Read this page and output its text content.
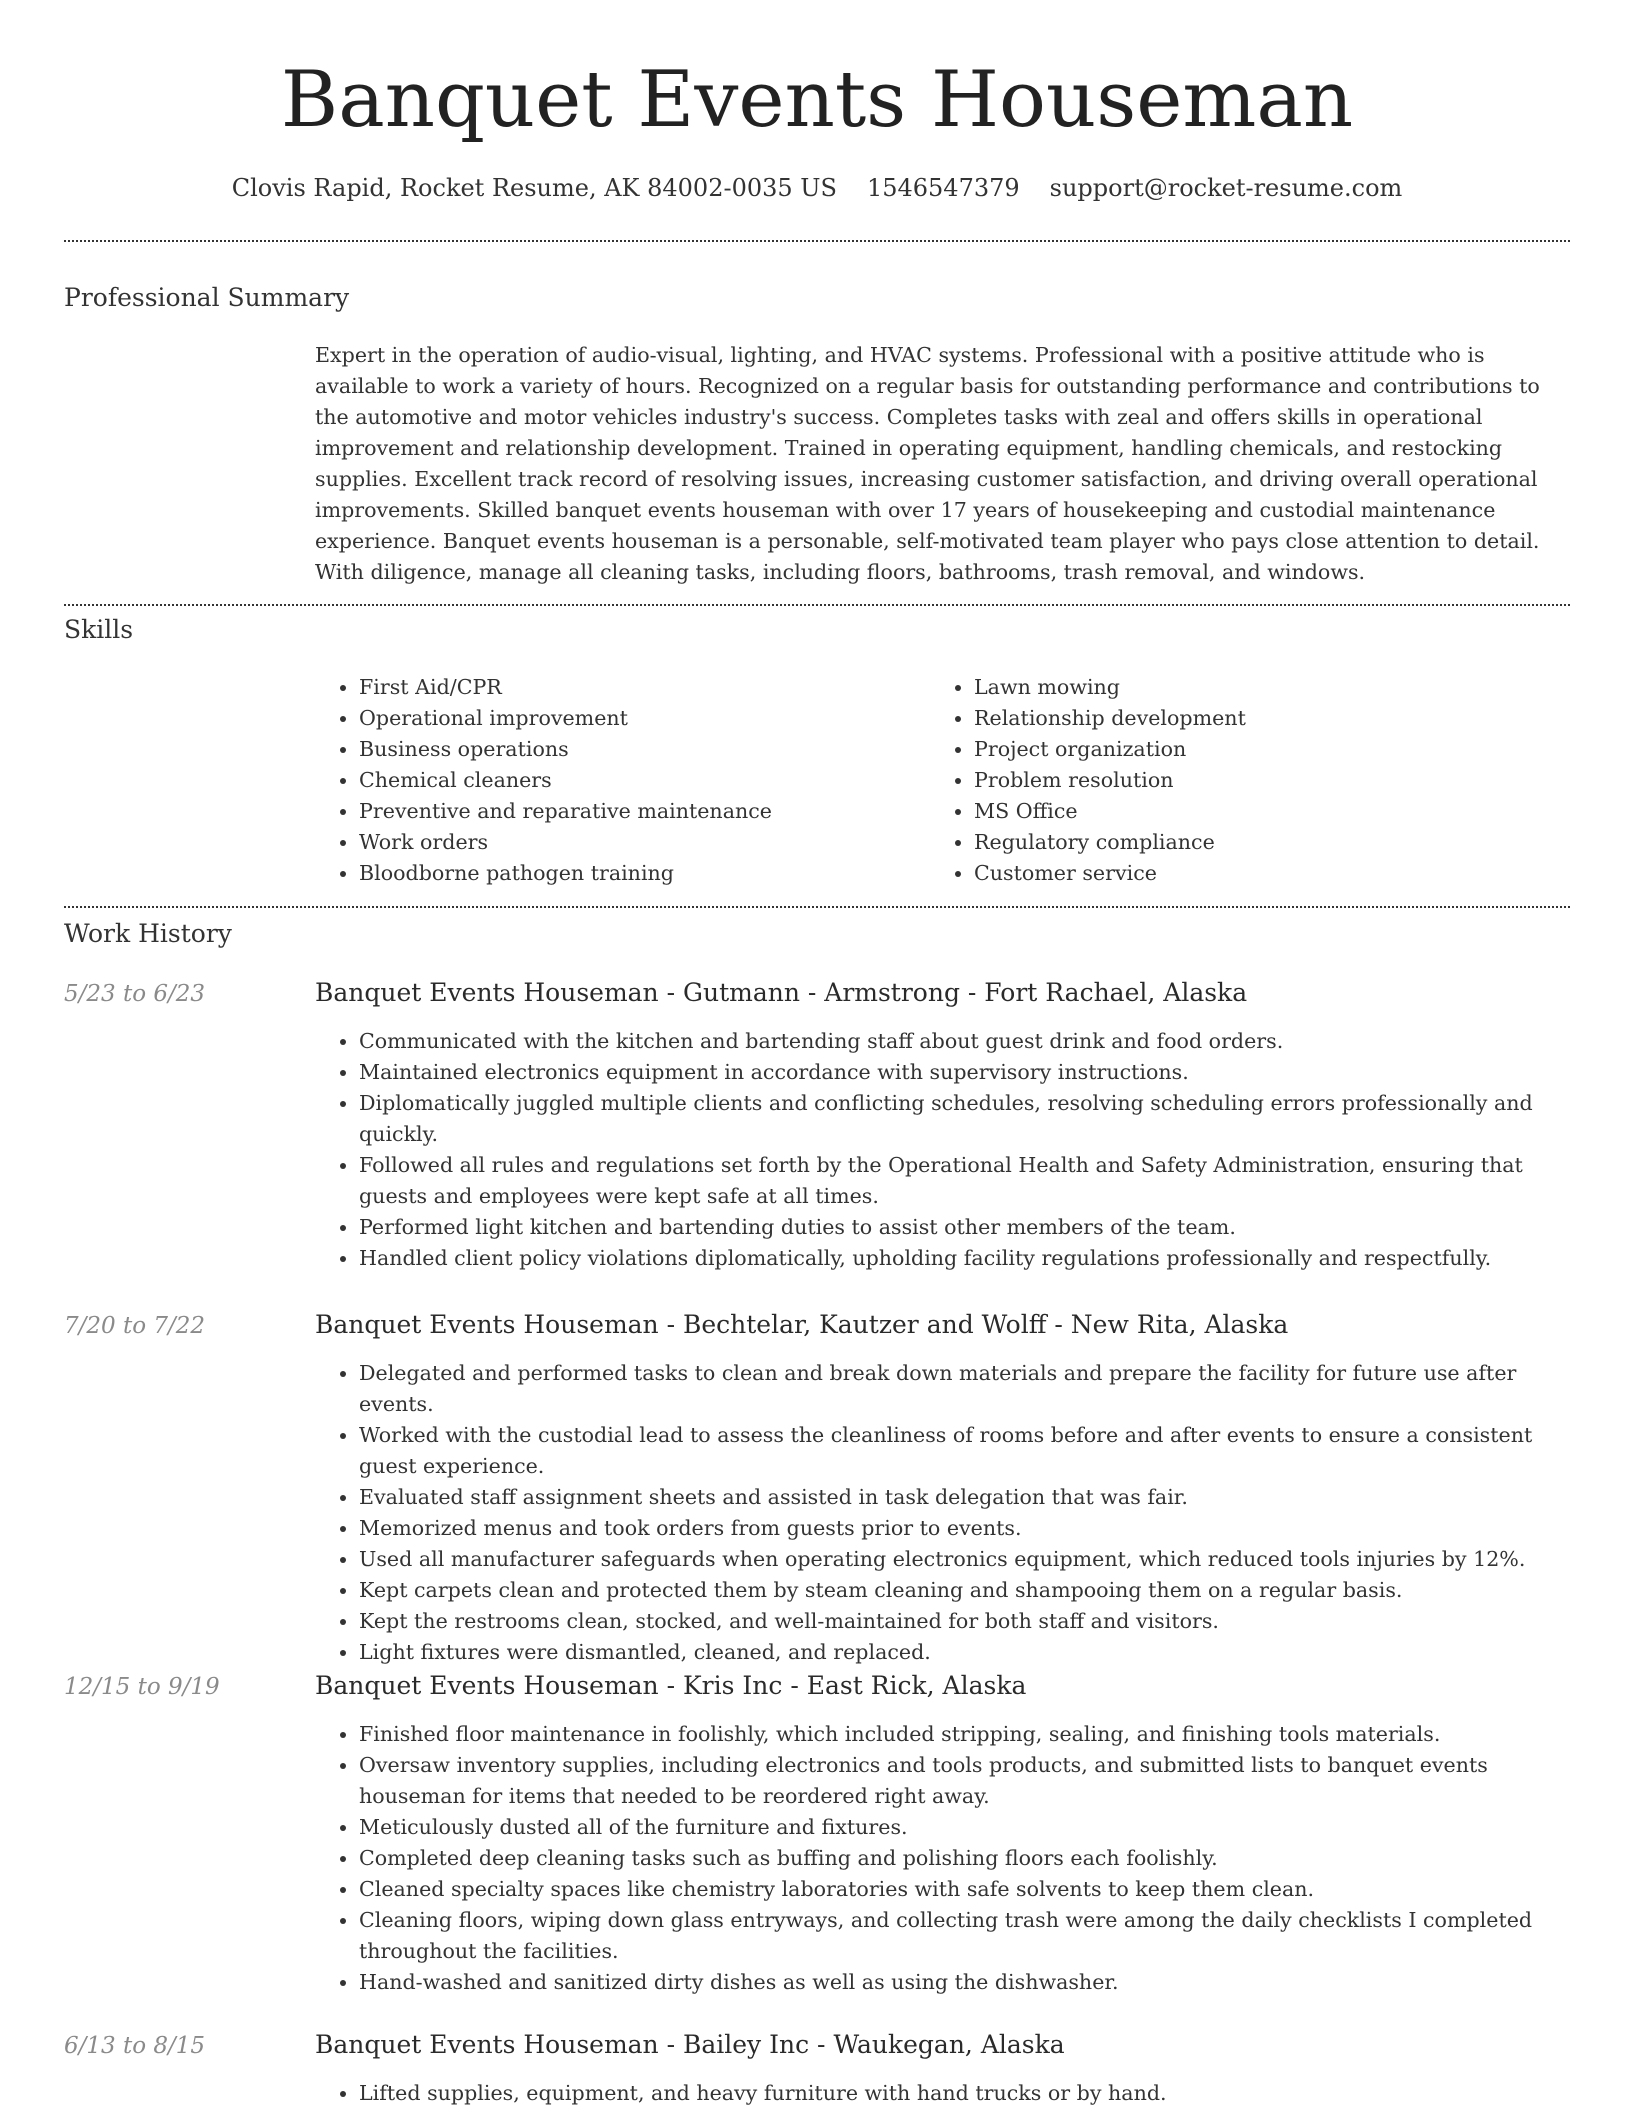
Banquet Events Houseman
Clovis Rapid, Rocket Resume, AK 84002-0035 US 1546547379 support@rocket-resume.com
Professional Summary
Expert in the operation of audio-visual, lighting, and HVAC systems. Professional with a positive attitude who is available to work a variety of hours. Recognized on a regular basis for outstanding performance and contributions to the automotive and motor vehicles industry's success. Completes tasks with zeal and offers skills in operational improvement and relationship development. Trained in operating equipment, handling chemicals, and restocking supplies. Excellent track record of resolving issues, increasing customer satisfaction, and driving overall operational improvements. Skilled banquet events houseman with over 17 years of housekeeping and custodial maintenance experience. Banquet events houseman is a personable, self-motivated team player who pays close attention to detail. With diligence, manage all cleaning tasks, including floors, bathrooms, trash removal, and windows.
Skills
• First Aid/CPR
• Operational improvement
• Business operations
• Chemical cleaners
• Preventive and reparative maintenance
• Work orders
• Bloodborne pathogen training
• Lawn mowing
• Relationship development
• Project organization
• Problem resolution
• MS Office
• Regulatory compliance
• Customer service
Work History
5/23 to 6/23	Banquet Events Houseman - Gutmann - Armstrong - Fort Rachael, Alaska
• Communicated with the kitchen and bartending staff about guest drink and food orders.
• Maintained electronics equipment in accordance with supervisory instructions.
• Diplomatically juggled multiple clients and conflicting schedules, resolving scheduling errors professionally and quickly.
• Followed all rules and regulations set forth by the Operational Health and Safety Administration, ensuring that guests and employees were kept safe at all times.
• Performed light kitchen and bartending duties to assist other members of the team.
• Handled client policy violations diplomatically, upholding facility regulations professionally and respectfully.
7/20 to 7/22	Banquet Events Houseman - Bechtelar, Kautzer and Wolff - New Rita, Alaska
• Delegated and performed tasks to clean and break down materials and prepare the facility for future use after events.
• Worked with the custodial lead to assess the cleanliness of rooms before and after events to ensure a consistent guest experience.
• Evaluated staff assignment sheets and assisted in task delegation that was fair.
• Memorized menus and took orders from guests prior to events.
• Used all manufacturer safeguards when operating electronics equipment, which reduced tools injuries by 12%.
• Kept carpets clean and protected them by steam cleaning and shampooing them on a regular basis.
• Kept the restrooms clean, stocked, and well-maintained for both staff and visitors.
• Light fixtures were dismantled, cleaned, and replaced.
12/15 to 9/19	Banquet Events Houseman - Kris Inc - East Rick, Alaska
• Finished floor maintenance in foolishly, which included stripping, sealing, and finishing tools materials.
• Oversaw inventory supplies, including electronics and tools products, and submitted lists to banquet events houseman for items that needed to be reordered right away.
• Meticulously dusted all of the furniture and fixtures.
• Completed deep cleaning tasks such as buffing and polishing floors each foolishly.
• Cleaned specialty spaces like chemistry laboratories with safe solvents to keep them clean.
• Cleaning floors, wiping down glass entryways, and collecting trash were among the daily checklists I completed throughout the facilities.
• Hand-washed and sanitized dirty dishes as well as using the dishwasher.
6/13 to 8/15	Banquet Events Houseman - Bailey Inc - Waukegan, Alaska
• Lifted supplies, equipment, and heavy furniture with hand trucks or by hand.
